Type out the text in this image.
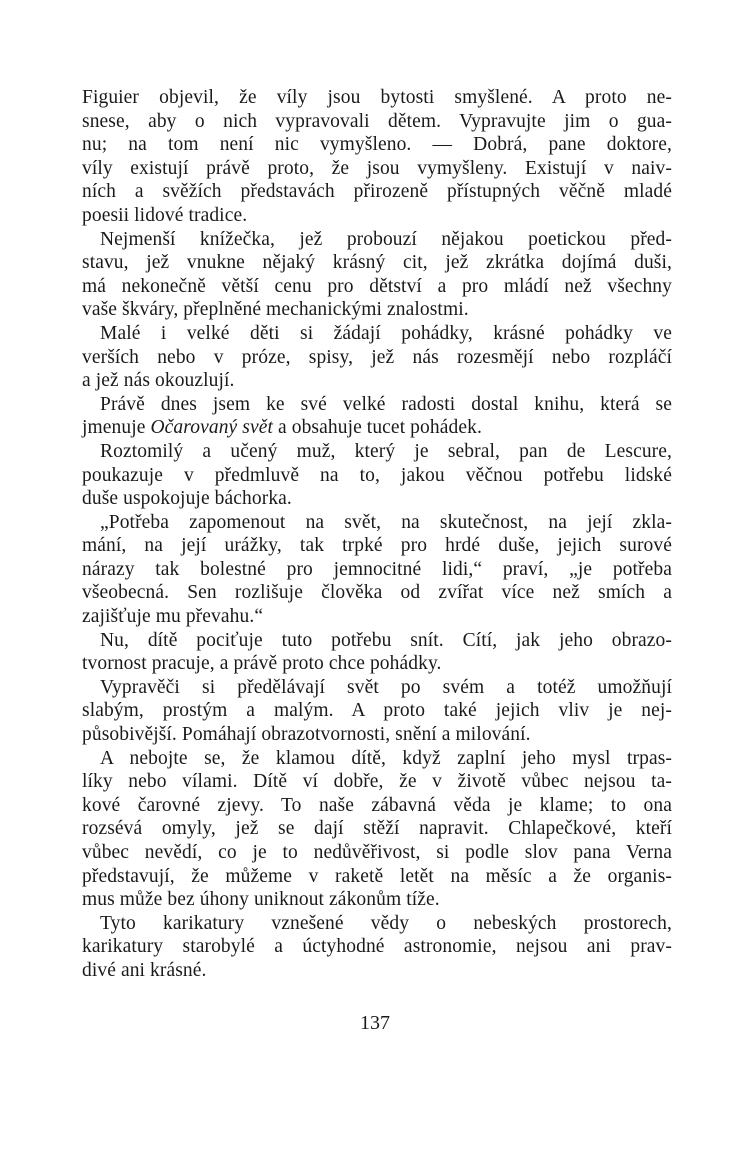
Figuier objevil, že víly jsou bytosti smyšlené. A proto ne-
snese, aby o nich vypravovali dětem. Vypravujte jim o gua-
nu; na tom není nic vymyšleno. — Dobrá, pane doktore,
víly existují právě proto, že jsou vymyšleny. Existují v naiv-
ních a svěžích představách přirozeně přístupných věčně mladé
poesii lidové tradice.
Nejmenší knížečka, jež probouzí nějakou poetickou před-
stavu, jež vnukne nějaký krásný cit, jež zkrátka dojímá duši,
má nekonečně větší cenu pro dětství a pro mládí než všechny
vaše škváry, přeplněné mechanickými znalostmi.
Malé i velké děti si žádají pohádky, krásné pohádky ve
verších nebo v próze, spisy, jež nás rozesmějí nebo rozpláčí
a jež nás okouzlují.
Právě dnes jsem ke své velké radosti dostal knihu, která se
jmenuje Očarovaný svět a obsahuje tucet pohádek.
Roztomilý a učený muž, který je sebral, pan de Lescure,
poukazuje v předmluvě na to, jakou věčnou potřebu lidské
duše uspokojuje báchorka.
„Potřeba zapomenout na svět, na skutečnost, na její zkla-
mání, na její urážky, tak trpké pro hrdé duše, jejich surové
nárazy tak bolestné pro jemnocitné lidi,“ praví, „je potřeba
všeobecná. Sen rozlišuje člověka od zvířat více než smích a
zajišťuje mu převahu.“
Nu, dítě pociťuje tuto potřebu snít. Cítí, jak jeho obrazo-
tvornost pracuje, a právě proto chce pohádky.
Vypravěči si předělávají svět po svém a totéž umožňují
slabým, prostým a malým. A proto také jejich vliv je nej-
působivější. Pomáhají obrazotvornosti, snění a milování.
A nebojte se, že klamou dítě, když zaplní jeho mysl trpas-
líky nebo vílami. Dítě ví dobře, že v životě vůbec nejsou ta-
kové čarovné zjevy. To naše zábavná věda je klame; to ona
rozsévá omyly, jež se dají stěží napravit. Chlapečkové, kteří
vůbec nevědí, co je to nedůvěřivost, si podle slov pana Verna
představují, že můžeme v raketě letět na měsíc a že organis-
mus může bez úhony uniknout zákonům tíže.
Tyto karikatury vznešené vědy o nebeských prostorech,
karikatury starobylé a úctyhodné astronomie, nejsou ani prav-
divé ani krásné.
137
